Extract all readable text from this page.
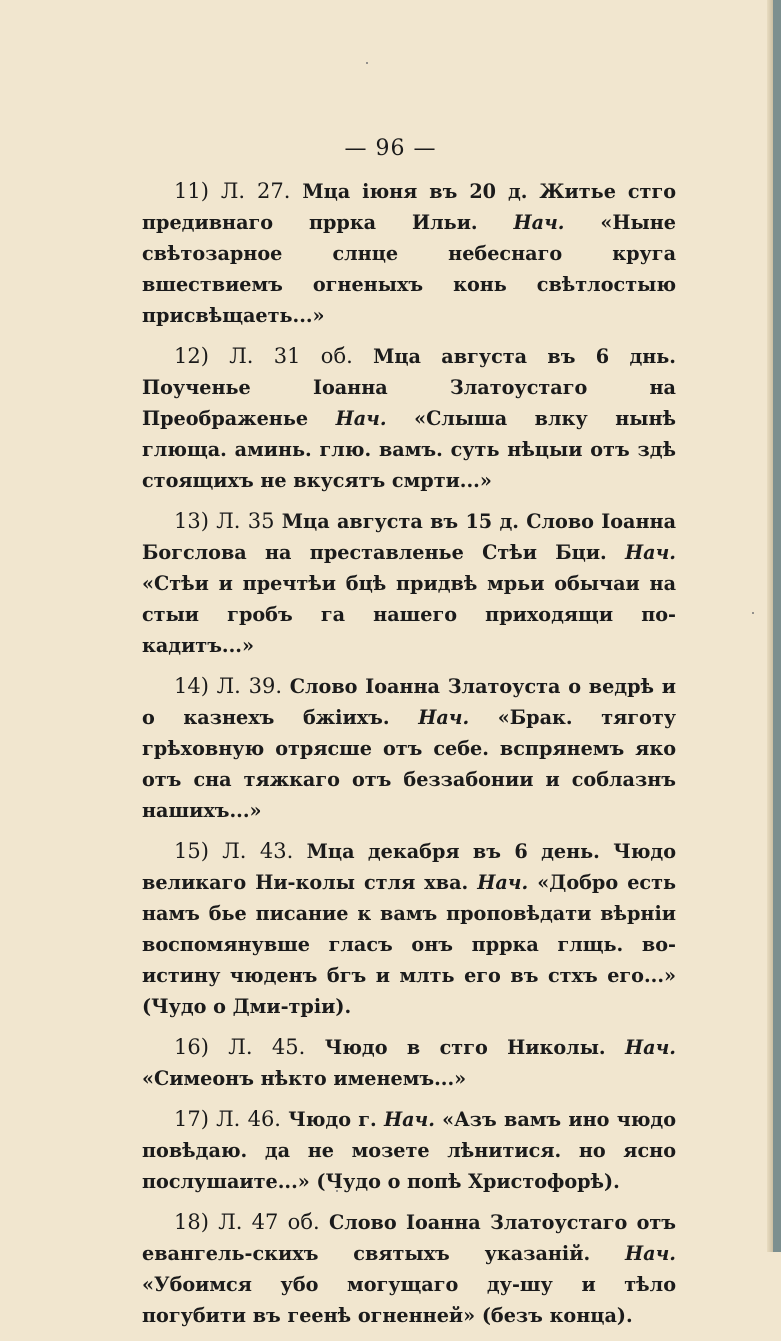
— 96 —

11) Л. 27. Мца iюня въ 20 д. Житье стго предивнаго пррка Ильи. Нач. «Ныне свѣтозарное слнце небеснаго круга вшествиемъ огненыхъ конь свѣтлостыю присвѣщаеть...»

12) Л. 31 об. Мца августа въ 6 днь. Поученье Iоанна Златоустаго на Преображенье Нач. «Слыша влку нынѣ глюща. аминь. глю. вамъ. суть нѣцыи отъ здѣ стоящихъ не вкусятъ смрти...»

13) Л. 35 Мца августа въ 15 д. Слово Iоанна Богслова на преставленье Стѣи Бци. Нач. «Стѣи и пречтѣи бцѣ придвѣ мрьи обычаи на стыи гробъ га нашего приходящи по-кадитъ...»

14) Л. 39. Слово Iоанна Златоуста о ведрѣ и о казнехъ бжiихъ. Нач. «Брак. тяготу грѣховную отрясше отъ себе. вспрянемъ яко отъ сна тяжкаго отъ беззабонии и соблазнъ нашихъ...»

15) Л. 43. Мца декабря въ 6 день. Чюдо великаго Ни-колы стля хва. Нач. «Добро есть намъ бье писание к вамъ проповѣдати вѣрнiи воспомянувше гласъ онъ пррка глщь. во-истину чюденъ бгъ и млть его въ стхъ его...» (Чудо о Дми-трiи).

16) Л. 45. Чюдо в стго Николы. Нач. «Симеонъ нѣкто именемъ...»

17) Л. 46. Чюдо г. Нач. «Азъ вамъ ино чюдо повѣдаю. да не мозете лѣнитися. но ясно послушаите...» (Чудо о попѣ Христофорѣ).

18) Л. 47 об. Слово Iоанна Златоустаго отъ евангель-скихъ святыхъ указанiй. Нач. «Убоимся убо могущаго ду-шу и тѣло погубити въ геенѣ огненней» (безъ конца).
